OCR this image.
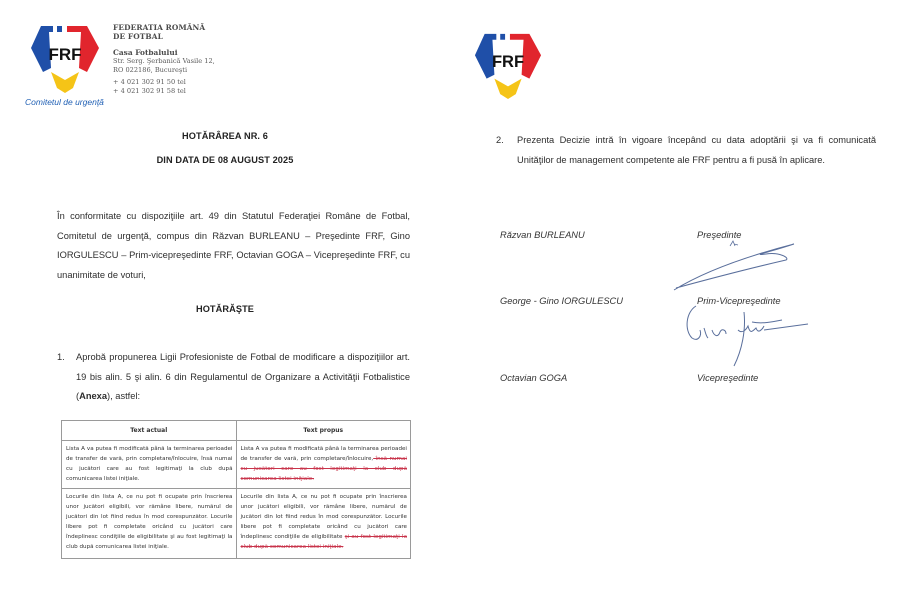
FRF
FEDERATIA ROMÂNĂ
DE FOTBAL
Casa Fotbalului
Str. Serg. Şerbanică Vasile 12,
RO 022186, Bucureşti
+ 4 021 302 91 50 tel
+ 4 021 302 91 58 tel
Comitetul de urgenţă
HOTĂRÂREA NR. 6
DIN DATA DE 08 AUGUST 2025
În conformitate cu dispoziţiile art. 49 din Statutul Federaţiei Române de Fotbal, Comitetul de urgenţă, compus din Răzvan BURLEANU – Preşedinte FRF, Gino IORGULESCU – Prim-vicepreşedinte FRF, Octavian GOGA – Vicepreşedinte FRF, cu unanimitate de voturi,
HOTĂRĂŞTE
1. Aprobă propunerea Ligii Profesioniste de Fotbal de modificare a dispoziţiilor art. 19 bis alin. 5 şi alin. 6 din Regulamentul de Organizare a Activităţii Fotbalistice (Anexa), astfel:
Text actual	Text propus
Lista A va putea fi modificată până la terminarea perioadei de transfer de vară, prin completare/înlocuire, însă numai cu jucători care au fost legitimaţi la club după comunicarea listei iniţiale.	Lista A va putea fi modificată până la terminarea perioadei de transfer de vară, prin completare/înlocuire, însă numai cu jucători care au fost legitimaţi la club după comunicarea listei iniţiale.
Locurile din lista A, ce nu pot fi ocupate prin înscrierea unor jucători eligibili, vor rămâne libere, numărul de jucători din lot fiind redus în mod corespunzător. Locurile libere pot fi completate oricând cu jucători care îndeplinesc condiţiile de eligibilitate şi au fost legitimaţi la club după comunicarea listei iniţiale.	Locurile din lista A, ce nu pot fi ocupate prin înscrierea unor jucători eligibili, vor rămâne libere, numărul de jucători din lot fiind redus în mod corespunzător. Locurile libere pot fi completate oricând cu jucători care îndeplinesc condiţiile de eligibilitate şi au fost legitimaţi la club după comunicarea listei iniţiale.
FRF
2. Prezenta Decizie intră în vigoare începând cu data adoptării şi va fi comunicată Unităţilor de management competente ale FRF pentru a fi pusă în aplicare.
Răzvan BURLEANU	Preşedinte
George - Gino IORGULESCU	Prim-Vicepreşedinte
Octavian GOGA	Vicepreşedinte
